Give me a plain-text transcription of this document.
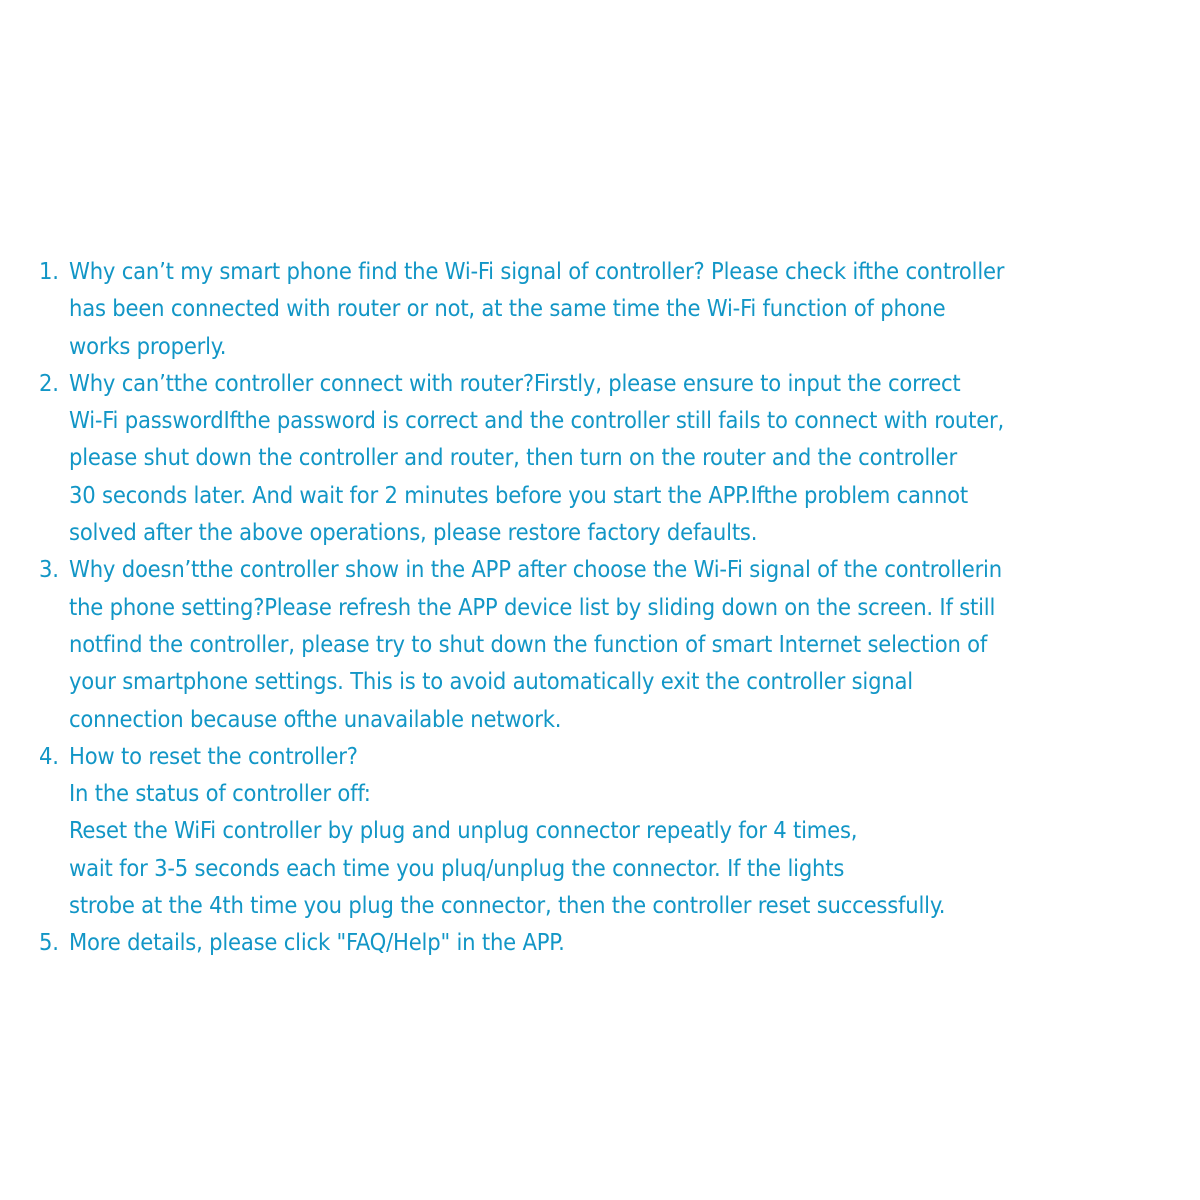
1. Why can’t my smart phone find the Wi-Fi signal of controller? Please check ifthe controller
has been connected with router or not, at the same time the Wi-Fi function of phone
works properly.
2. Why can’tthe controller connect with router?Firstly, please ensure to input the correct
Wi-Fi passwordIfthe password is correct and the controller still fails to connect with router,
please shut down the controller and router, then turn on the router and the controller
30 seconds later. And wait for 2 minutes before you start the APP.Ifthe problem cannot
solved after the above operations, please restore factory defaults.
3. Why doesn’tthe controller show in the APP after choose the Wi-Fi signal of the controllerin
the phone setting?Please refresh the APP device list by sliding down on the screen. If still
notfind the controller, please try to shut down the function of smart Internet selection of
your smartphone settings. This is to avoid automatically exit the controller signal
connection because ofthe unavailable network.
4. How to reset the controller?
In the status of controller off:
Reset the WiFi controller by plug and unplug connector repeatly for 4 times,
wait for 3-5 seconds each time you pluq/unplug the connector. If the lights
strobe at the 4th time you plug the connector, then the controller reset successfully.
5. More details, please click "FAQ/Help" in the APP.
